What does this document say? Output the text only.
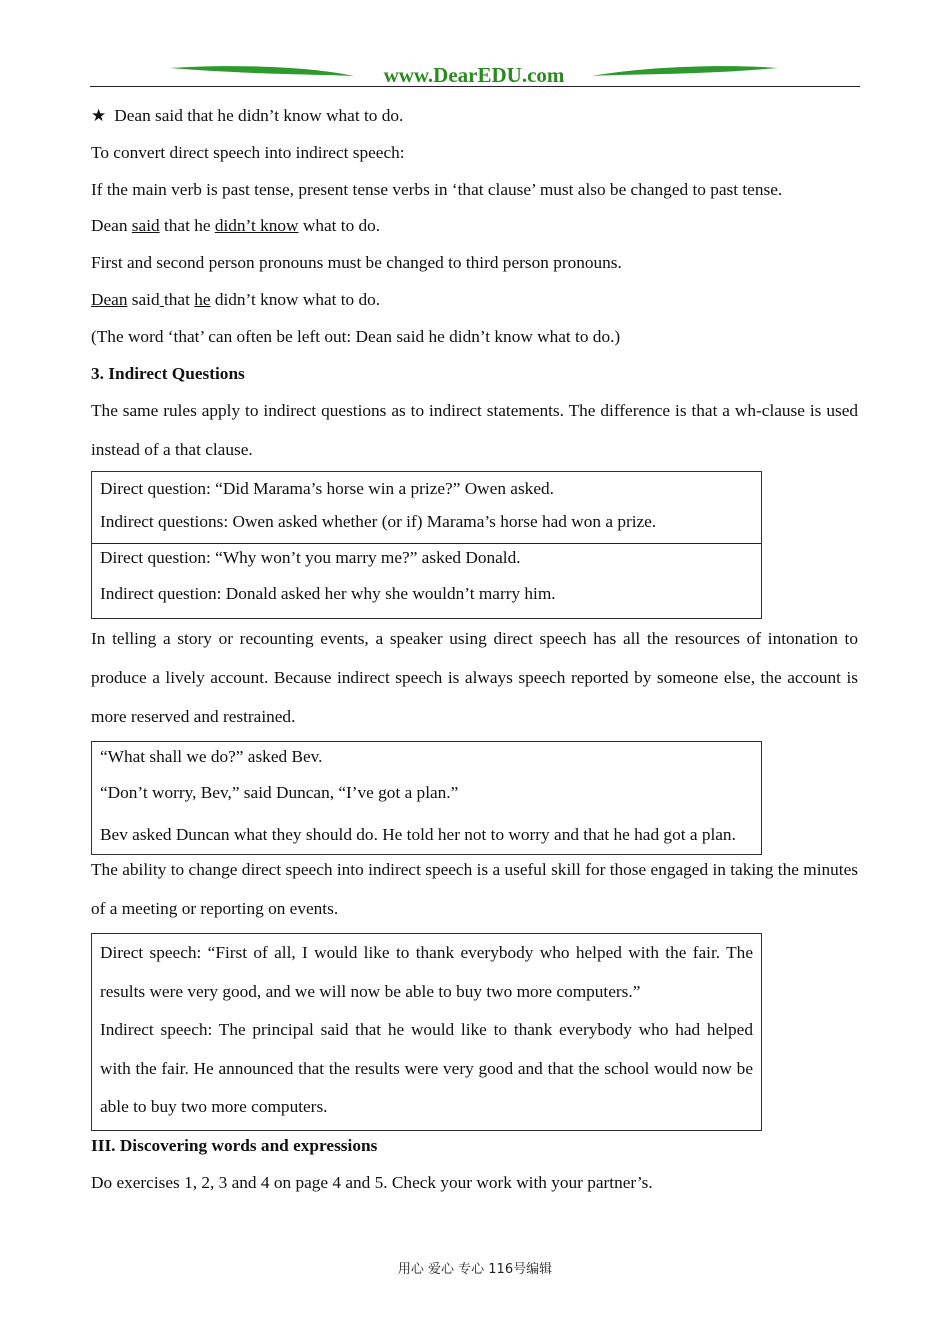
www.DearEDU.com
★ Dean said that he didn’t know what to do.
To convert direct speech into indirect speech:
If the main verb is past tense, present tense verbs in ‘that clause’ must also be changed to past tense.
Dean said that he didn’t know what to do.
First and second person pronouns must be changed to third person pronouns.
Dean said that he didn’t know what to do.
(The word ‘that’ can often be left out: Dean said he didn’t know what to do.)
3. Indirect Questions
The same rules apply to indirect questions as to indirect statements. The difference is that a wh-clause is used instead of a that clause.
Direct question: “Did Marama’s horse win a prize?” Owen asked.
Indirect questions: Owen asked whether (or if) Marama’s horse had won a prize.
Direct question: “Why won’t you marry me?” asked Donald.
Indirect question: Donald asked her why she wouldn’t marry him.
In telling a story or recounting events, a speaker using direct speech has all the resources of intonation to produce a lively account. Because indirect speech is always speech reported by someone else, the account is more reserved and restrained.
“What shall we do?” asked Bev.
“Don’t worry, Bev,” said Duncan, “I’ve got a plan.”
Bev asked Duncan what they should do. He told her not to worry and that he had got a plan.
The ability to change direct speech into indirect speech is a useful skill for those engaged in taking the minutes of a meeting or reporting on events.
Direct speech: “First of all, I would like to thank everybody who helped with the fair. The results were very good, and we will now be able to buy two more computers.”
Indirect speech: The principal said that he would like to thank everybody who had helped with the fair. He announced that the results were very good and that the school would now be able to buy two more computers.
III. Discovering words and expressions
Do exercises 1, 2, 3 and 4 on page 4 and 5. Check your work with your partner’s.
用心 爱心 专心 116号编辑
